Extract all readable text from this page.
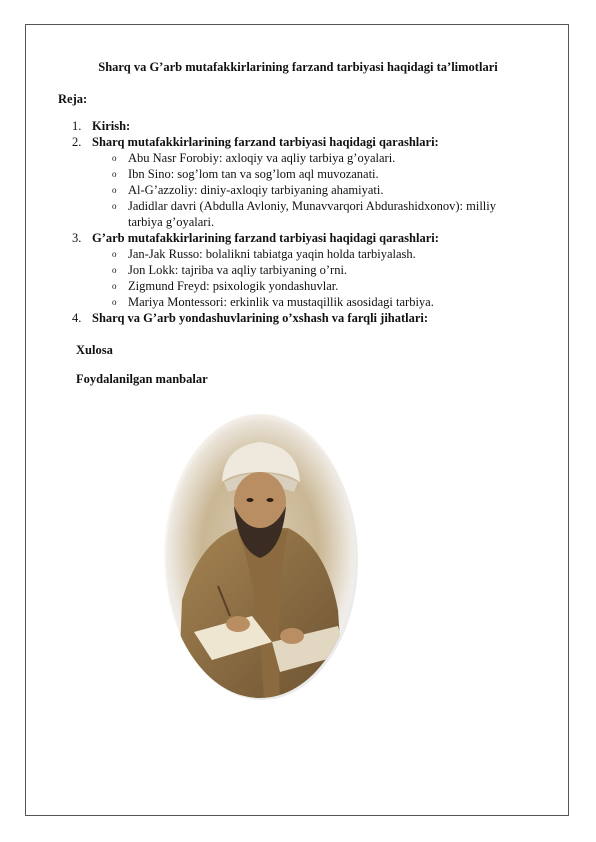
Sharq va G’arb mutafakkirlarining farzand tarbiyasi haqidagi ta’limotlari
Reja:
1. Kirish:
2. Sharq mutafakkirlarining farzand tarbiyasi haqidagi qarashlari:
o Abu Nasr Forobiy: axloqiy va aqliy tarbiya g’oyalari.
o Ibn Sino: sog’lom tan va sog’lom aql muvozanati.
o Al-G’azzoliy: diniy-axloqiy tarbiyaning ahamiyati.
o Jadidlar davri (Abdulla Avloniy, Munavvarqori Abdurashidxonov): milliy
tarbiya g’oyalari.
3. G’arb mutafakkirlarining farzand tarbiyasi haqidagi qarashlari:
o Jan-Jak Russo: bolalikni tabiatga yaqin holda tarbiyalash.
o Jon Lokk: tajriba va aqliy tarbiyaning o’rni.
o Zigmund Freyd: psixologik yondashuvlar.
o Mariya Montessori: erkinlik va mustaqillik asosidagi tarbiya.
4. Sharq va G’arb yondashuvlarining o’xshash va farqli jihatlari:
Xulosa
Foydalanilgan manbalar
